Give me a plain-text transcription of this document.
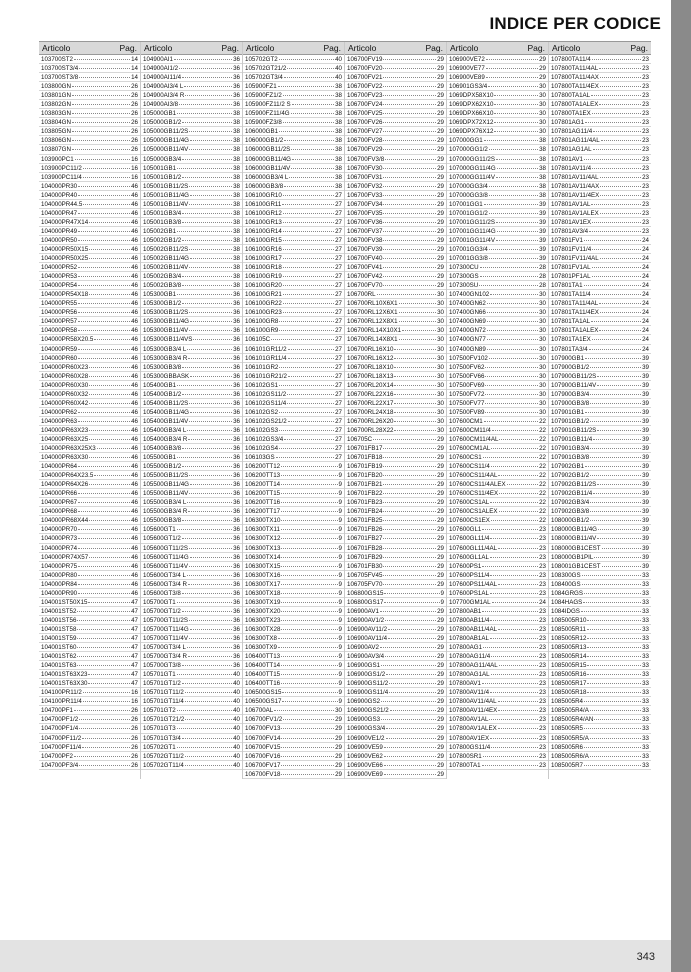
INDICE PER CODICE
Articolo	Pag.
103700ST2	14
103700ST3/4	14
103700ST3/8	14
103800GN	26
103801GN	26
103802GN	26
103803GN	26
103804GN	26
103805GN	26
103806GN	26
103807GN	26
103900PC1	16
103900PC11/2	16
103900PC11/4	16
104000PR30	46
104000PR40	46
104000PR44.5	46
104000PR47	46
104000PR47X14	46
104000PR49	46
104000PR50	46
104000PR50X15	46
104000PR50X25	46
104000PR52	46
104000PR53	46
104000PR54	46
104000PR54X18	46
104000PR55	46
104000PR56	46
104000PR57	46
104000PR58	46
104000PR58X20.5	46
104000PR59	46
104000PR60	46
104000PR60X23	46
104000PR60X28	46
104000PR60X30	46
104000PR60X32	46
104000PR60X42	46
104000PR62	46
104000PR63	46
104000PR63X23	46
104000PR63X25	46
104000PR63X25X3	46
104000PR63X30	46
104000PR64	46
104000PR64X23.5	46
104000PR64X26	46
104000PR66	46
104000PR67	46
104000PR68	46
104000PR68X44	46
104000PR70	46
104000PR73	46
104000PR74	46
104000PR74X57	46
104000PR75	46
104000PR80	46
104000PR84	46
104000PR90	46
104001ST50X15	47
104001ST52	47
104001ST56	47
104001ST58	47
104001ST59	47
104001ST60	47
104001ST62	47
104001ST63	47
104001ST63X23	47
104001ST63X30	47
104100PR11/2	16
104100PR11/4	16
104700PF1	26
104700PF1/2	26
104700PF1/4	26
104700PF11/2	26
104700PF11/4	26
104700PF2	26
104700PF3/4	26
Articolo	Pag.
104900AI1	36
104900AI1/2	36
104900AI11/4	36
104900AI3/4 L	36
104900AI3/4 R	36
104900AI3/8	36
105000GB1	38
105000GB1/2	38
105000GB11/2S	38
105000GB11/4G	38
105000GB11/4V	38
105000GB3/4	38
105001GB1	38
105001GB1/2	38
105001GB11/2S	38
105001GB11/4G	38
105001GB11/4V	38
105001GB3/4	38
105001GB3/8	38
105002GB1	38
105002GB1/2	38
105002GB11/2S	38
105002GB11/4G	38
105002GB11/4V	38
105002GB3/4	38
105002GB3/8	38
105300GB1	36
105300GB1/2	36
105300GB11/2S	36
105300GB11/4G	36
105300GB11/4V	36
105300GB11/4VS	36
105300GB3/4 L	36
105300GB3/4 R	36
105300GB3/8	36
105300GBBASK	36
105400GB1	36
105400GB1/2	36
105400GB11/2S	36
105400GB11/4G	36
105400GB11/4V	36
105400GB3/4 L	36
105400GB3/4 R	36
105400GB3/8	36
105500GB1	36
105500GB1/2	36
105500GB11/2S	36
105500GB11/4G	36
105500GB11/4V	36
105500GB3/4 L	36
105500GB3/4 R	36
105500GB3/8	36
105600GT1	36
105600GT1/2	36
105600GT11/2S	36
105600GT11/4G	36
105600GT11/4V	36
105600GT3/4 L	36
105600GT3/4 R	36
105600GT3/8	36
105700GT1	36
105700GT1/2	36
105700GT11/2S	36
105700GT11/4G	36
105700GT11/4V	36
105700GT3/4 L	36
105700GT3/4 R	36
105700GT3/8	36
105701GT1	40
105701GT1/2	40
105701GT11/2	40
105701GT11/4	40
105701GT2	40
105701GT21/2	40
105701GT3	40
105701GT3/4	40
105702GT1	40
105702GT11/2	40
105702GT11/4	40
Articolo	Pag.
105702GT2	40
105702GT21/2	40
105702GT3/4	40
105900FZ1	38
105900FZ1/2	38
105900FZ11/2 S	38
105900FZ11/4G	38
105900FZ3/8	38
106000GB1	38
106000GB1/2	38
106000GB11/2S	38
106000GB11/4G	38
106000GB11/4V	38
106000GB3/4 L	38
106000GB3/8	38
106100GR10	27
106100GR11	27
106100GR12	27
106100GR13	27
106100GR14	27
106100GR15	27
106100GR16	27
106100GR17	27
106100GR18	27
106100GR19	27
106100GR20	27
106100GR21	27
106100GR22	27
106100GR23	27
106100GR8	27
106100GR9	27
106105C	27
106101GR11/2	27
106101GR11/4	27
106101GR2	27
106101GR21/2	27
106102GS1	27
106102GS11/2	27
106102GS11/4	27
106102GS2	27
106102GS21/2	27
106102GS3	27
106102GS3/4	27
106102GS4	27
106103GS	27
106200TT12	9
106200TT13	9
106200TT14	9
106200TT15	9
106200TT16	9
106200TT17	9
106300TX10	9
106300TX11	9
106300TX12	9
106300TX13	9
106300TX14	9
106300TX15	9
106300TX16	9
106300TX17	9
106300TX18	9
106300TX19	9
106300TX20	9
106300TX23	9
106300TX28	9
106300TX8	9
106300TX9	9
106400TT13	9
106400TT14	9
106400TT15	9
106400TT16	9
106500GS15	9
106500GS17	9
106700AL	30
106700FV1/2	29
106700FV13	29
106700FV14	29
106700FV15	29
106700FV16	29
106700FV17	29
106700FV18	29
Articolo	Pag.
106700FV19	29
106700FV20	29
106700FV21	29
106700FV22	29
106700FV23	29
106700FV24	29
106700FV25	29
106700FV26	29
106700FV27	29
106700FV28	29
106700FV29	29
106700FV3/8	29
106700FV30	29
106700FV31	29
106700FV32	29
106700FV33	29
106700FV34	29
106700FV35	29
106700FV36	29
106700FV37	29
106700FV38	29
106700FV39	29
106700FV40	29
106700FV41	29
106700FV42	29
106700FV70	29
106700RL	30
106700RL10X6X1	30
106700RL12X6X1	30
106700RL12X8X1	30
106700RL14X10X1	30
106700RL14X8X1	30
106700RL16X10	30
106700RL16X12	30
106700RL18X10	30
106700RL18X13	30
106700RL20X14	30
106700RL22X16	30
106700RL22X17	30
106700RL24X18	30
106700RL26X20	30
106700RL28X22	30
106705C	29
106701FB17	29
106701FB18	29
106701FB19	29
106701FB20	29
106701FB21	29
106701FB22	29
106701FB23	29
106701FB24	29
106701FB25	29
106701FB26	29
106701FB27	29
106701FB28	29
106701FB29	29
106701FB30	29
106705FV45	29
106705FV70	29
106800GS15	9
106800GS17	9
106900AV1	29
106900AV1/2	29
106900AV11/2	29
106900AV11/4	29
106900AV2	29
106900AV3/4	29
106900GS1	29
106900GS1/2	29
106900GS11/2	29
106900GS11/4	29
106900GS2	29
106900GS21/2	29
106900GS3	29
106900GS3/4	29
106900VE1/2	29
106900VE59	29
106900VE62	29
106900VE66	29
106900VE69	29
Articolo	Pag.
106900VE72	29
106900VE77	29
106900VE89	29
106901GS3/4	30
1069DPX58X10	30
1069DPX62X10	30
1069DPX66X10	30
1069DPX72X12	30
1069DPX76X12	30
107000GG1	38
107000GG1/2	38
107000GG11/2S	38
107000GG11/4G	38
107000GG11/4V	38
107000GG3/4	38
107000GG3/8	38
107001GG1	39
107001GG1/2	39
107001GG11/2S	39
107001GG11/4G	39
107001GG11/4V	39
107001GG3/4	39
107001GG3/8	39
107300CU	28
107300GS	28
107300SU	28
107400GN102	30
107400GN62	30
107400GN66	30
107400GN69	30
107400GN72	30
107400GN77	30
107400GN89	30
107500FV102	30
107500FV62	30
107500FV66	30
107500FV69	30
107500FV72	30
107500FV77	30
107500FV89	30
107600CM1	22
107600CM11/4	22
107600CM11/4AL	22
107600CM1AL	22
107600CS1	22
107600CS11/4	22
107600CS11/4AL	22
107600CS11/4ALEX	22
107600CS11/4EX	22
107600CS1AL	22
107600CS1ALEX	22
107600CS1EX	22
107600GL1	23
107600GL11/4	23
107600GL11/4AL	23
107600GL1AL	23
107600PS1	23
107600PS11/4	23
107600PS11/4AL	23
107600PS1AL	23
107700GM1AL	24
107800AB1	23
107800AB11/4	23
107800AB11/4AL	23
107800AB1AL	23
107800AG1	23
107800AG11/4	23
107800AG11/4AL	23
107800AG1AL	23
107800AV1	23
107800AV11/4	23
107800AV11/4AL	23
107800AV11/4EX	23
107800AV1AL	23
107800AV1ALEX	23
107800AV1EX	23
107800GS11/4	23
107800SR1	23
107800TA1	23
Articolo	Pag.
107800TA11/4	23
107800TA11/4AL	23
107800TA11/4AX	23
107800TA11/4EX	23
107800TA1AL	23
107800TA1ALEX	23
107800TA1EX	23
107801AG1	23
107801AG11/4	23
107801AG11/4AL	23
107801AG1AL	23
107801AV1	23
107801AV11/4	23
107801AV11/4AL	23
107801AV11/4AX	23
107801AV11/4EX	23
107801AV1AL	23
107801AV1ALEX	23
107801AV1EX	23
107801AV3/4	23
107801FV1	24
107801FV11/4	24
107801FV11/4AL	24
107801FV1AL	24
107801PF1AL	24
107801TA1	24
107801TA11/4	24
107801TA11/4AL	24
107801TA11/4EX	24
107801TA1AL	24
107801TA1ALEX	24
107801TA1EX	24
107801TA3/4	24
107900GB1	39
107900GB1/2	39
107900GB11/2S	39
107900GB11/4V	39
107900GB3/4	39
107900GB3/8	39
107901GB1	39
107901GB1/2	39
107901GB11/2S	39
107901GB11/4	39
107901GB3/4	39
107901GB3/8	39
107902GB1	39
107902GB1/2	39
107902GB11/2S	39
107902GB11/4	39
107902GB3/4	39
107902GB3/8	39
108000GB1/2	39
108000GB11/4G	39
108000GB11/4V	39
108000GB1CEST	39
108000GB1PIL	39
108001GB1CEST	39
108300GS	33
108400GS	33
1084GRGS	33
1084HAGS	33
1084IDGS	33
1085005R10	33
1085005R11	33
1085005R12	33
1085005R13	33
1085005R14	33
1085005R15	33
1085005R16	33
1085005R17	33
1085005R18	33
1085005R4	33
1085005R4/A	33
1085005R4/AN	33
1085005R5	33
1085005R5/A	33
1085005R6	33
1085005R6/A	33
1085005R7	33
343
